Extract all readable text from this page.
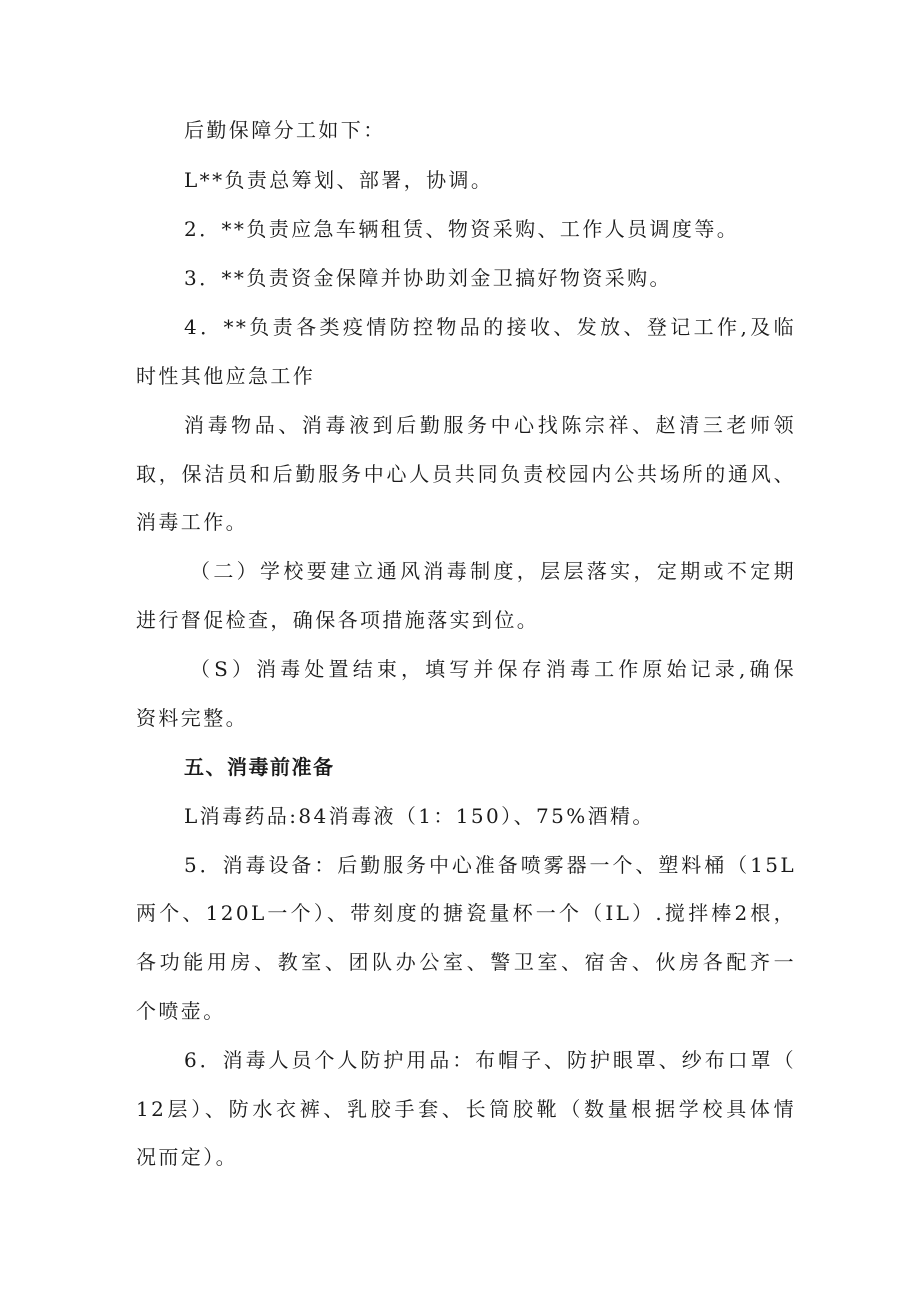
后勤保障分工如下：
L**负责总筹划、部署，协调。
2．**负责应急车辆租赁、物资采购、工作人员调度等。
3．**负责资金保障并协助刘金卫搞好物资采购。
4．**负责各类疫情防控物品的接收、发放、登记工作,及临
时性其他应急工作
消毒物品、消毒液到后勤服务中心找陈宗祥、赵清三老师领
取，保洁员和后勤服务中心人员共同负责校园内公共场所的通风、
消毒工作。
（二）学校要建立通风消毒制度，层层落实，定期或不定期
进行督促检查，确保各项措施落实到位。
（S）消毒处置结束，填写并保存消毒工作原始记录,确保
资料完整。
五、消毒前准备
L消毒药品:84消毒液（1：150）、75%酒精。
5．消毒设备：后勤服务中心准备喷雾器一个、塑料桶（15L
两个、120L一个）、带刻度的搪瓷量杯一个（IL）.搅拌棒2根，
各功能用房、教室、团队办公室、警卫室、宿舍、伙房各配齐一
个喷壶。
6．消毒人员个人防护用品：布帽子、防护眼罩、纱布口罩（
12层）、防水衣裤、乳胶手套、长筒胶靴（数量根据学校具体情
况而定）。
